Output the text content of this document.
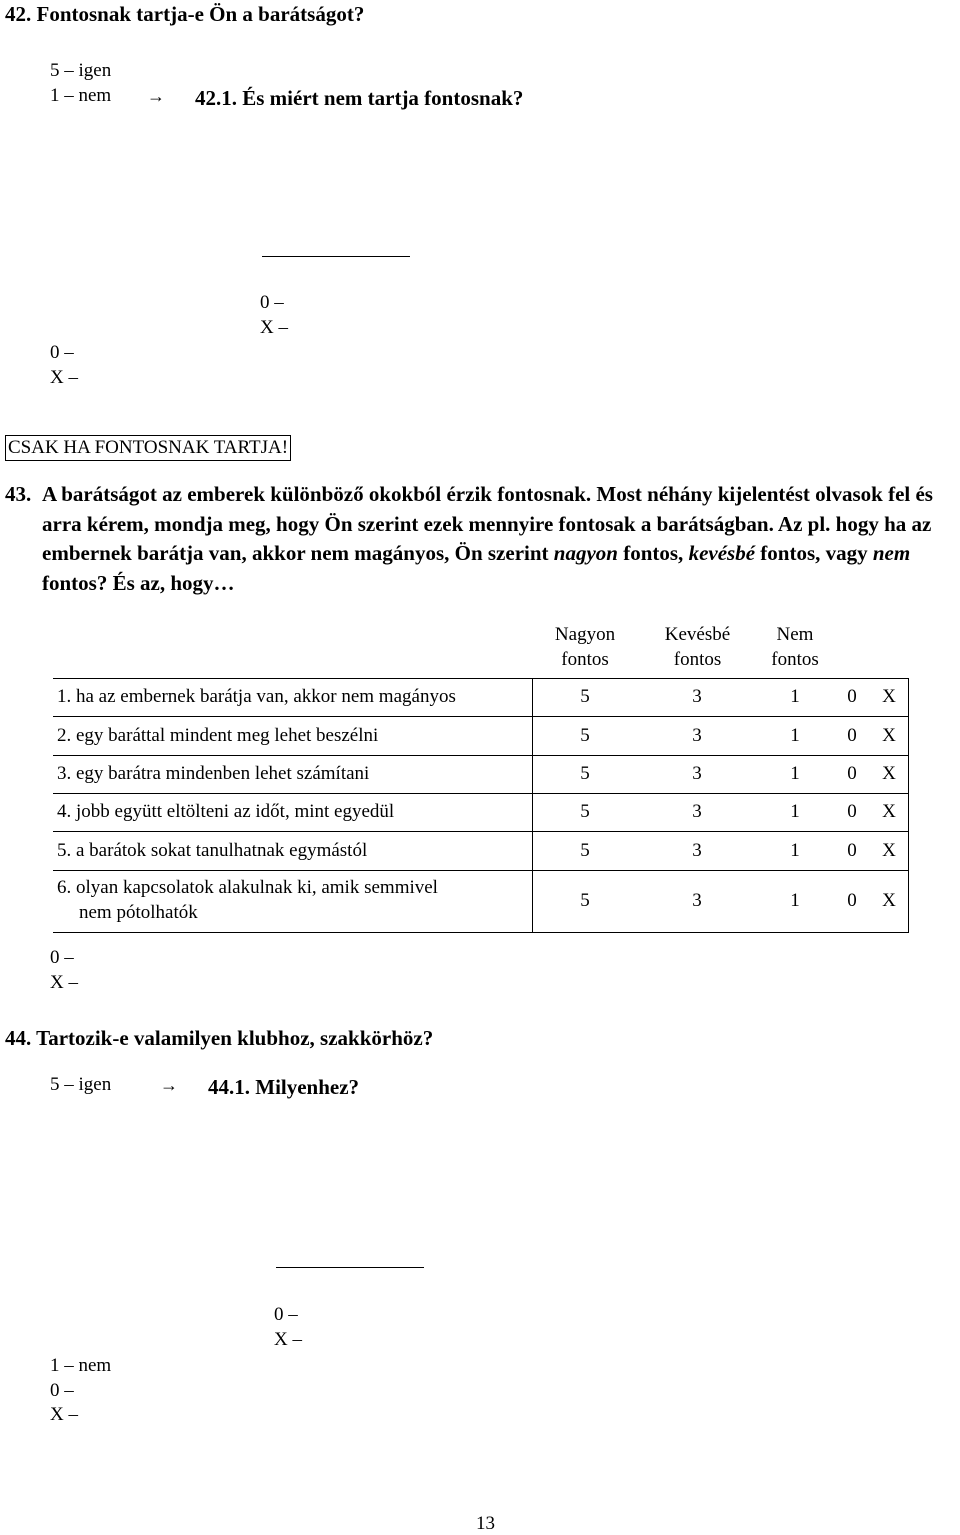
42. Fontosnak tartja-e Ön a barátságot?
5 – igen
1 – nem → 42.1. És miért nem tartja fontosnak?
0 –
X –
0 –
X –
CSAK HA FONTOSNAK TARTJA!
43. A barátságot az emberek különböző okokból érzik fontosnak. Most néhány kijelentést olvasok fel és arra kérem, mondja meg, hogy Ön szerint ezek mennyire fontosak a barátságban. Az pl. hogy ha az embernek barátja van, akkor nem magányos, Ön szerint nagyon fontos, kevésbé fontos, vagy nem fontos? És az, hogy…
Nagyon
fontos
Kevésbé
fontos
Nem
fontos
1. ha az embernek barátja van, akkor nem magányos	5	3	1	0 X
2. egy baráttal mindent meg lehet beszélni	5	3	1	0 X
3. egy barátra mindenben lehet számítani	5	3	1	0 X
4. jobb együtt eltölteni az időt, mint egyedül	5	3	1	0 X
5. a barátok sokat tanulhatnak egymástól	5	3	1	0 X
6. olyan kapcsolatok alakulnak ki, amik semmivel
nem pótolhatók
5	3	1	0 X
0 –
X –
44. Tartozik-e valamilyen klubhoz, szakkörhöz?
5 – igen	→ 44.1. Milyenhez?
0 –
X –
1 – nem
0 –
X –
13
